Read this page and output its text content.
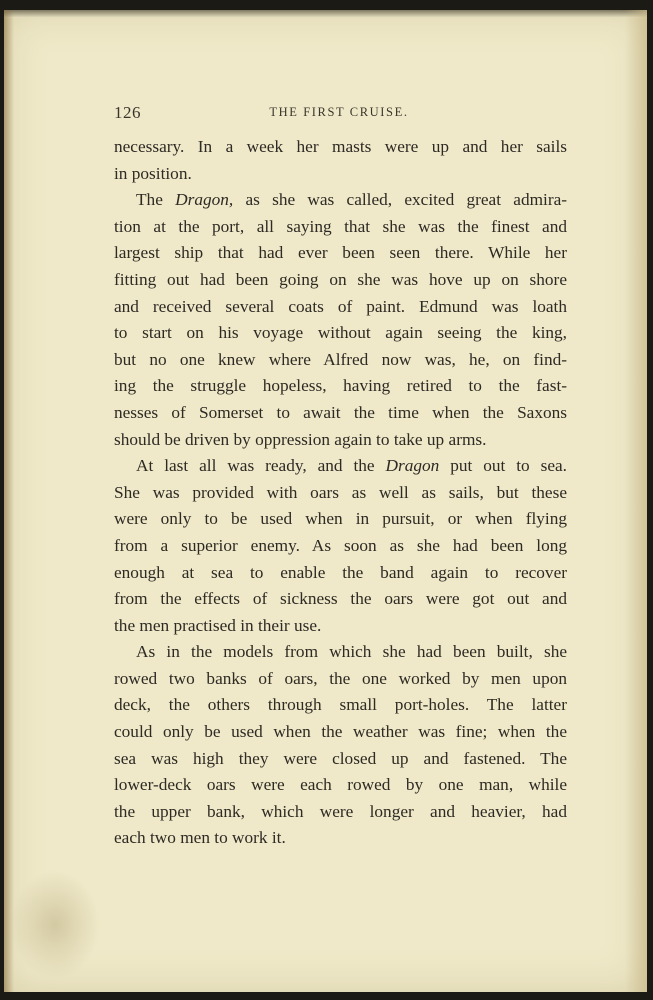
126	THE FIRST CRUISE.
necessary. In a week her masts were up and her sails
in position.
The Dragon, as she was called, excited great admira-
tion at the port, all saying that she was the finest and
largest ship that had ever been seen there. While her
fitting out had been going on she was hove up on shore
and received several coats of paint. Edmund was loath
to start on his voyage without again seeing the king,
but no one knew where Alfred now was, he, on find-
ing the struggle hopeless, having retired to the fast-
nesses of Somerset to await the time when the Saxons
should be driven by oppression again to take up arms.
At last all was ready, and the Dragon put out to sea.
She was provided with oars as well as sails, but these
were only to be used when in pursuit, or when flying
from a superior enemy. As soon as she had been long
enough at sea to enable the band again to recover
from the effects of sickness the oars were got out and
the men practised in their use.
As in the models from which she had been built, she
rowed two banks of oars, the one worked by men upon
deck, the others through small port-holes. The latter
could only be used when the weather was fine; when the
sea was high they were closed up and fastened. The
lower-deck oars were each rowed by one man, while
the upper bank, which were longer and heavier, had
each two men to work it.
